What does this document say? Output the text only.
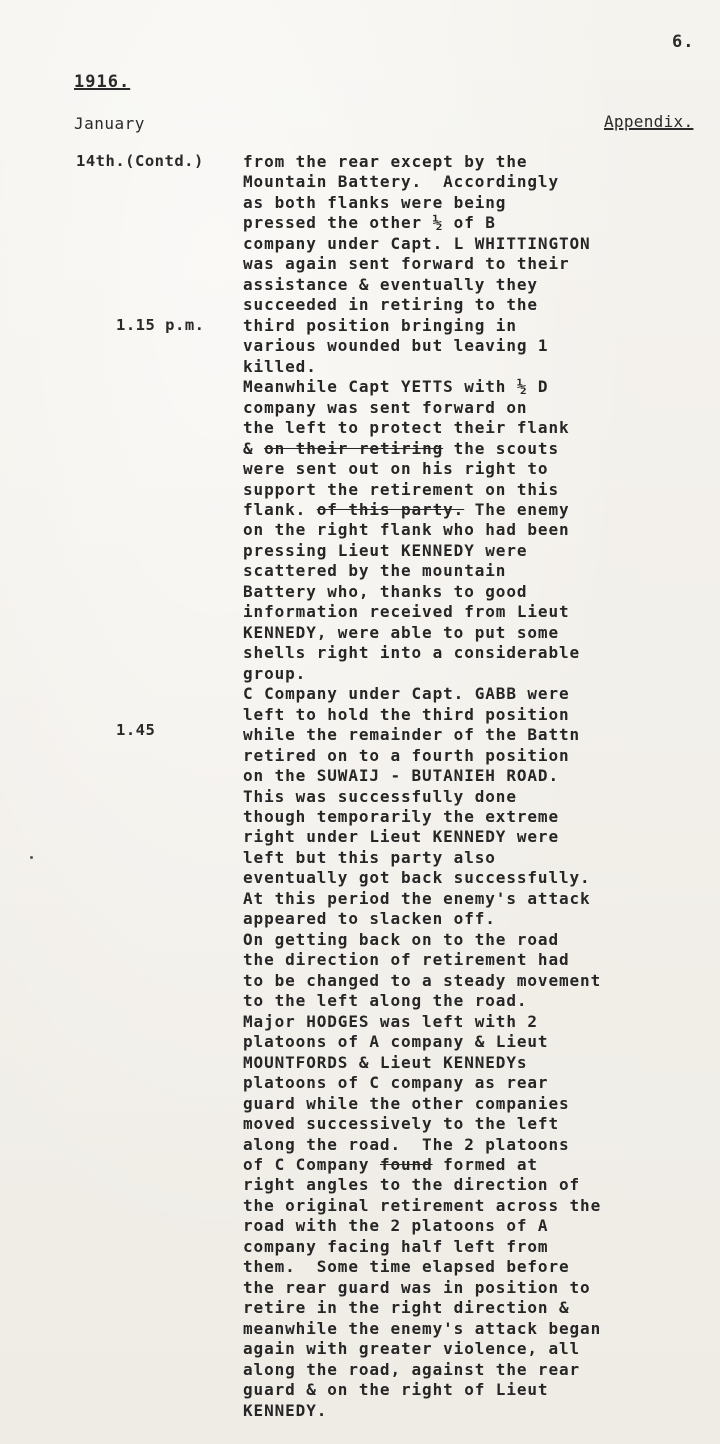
6.
1916.
January	Appendix.
14th.(Contd.)
1.15 p.m.
1.45
from the rear except by the
Mountain Battery.  Accordingly
as both flanks were being
pressed the other ½ of B
company under Capt. L WHITTINGTON
was again sent forward to their
assistance & eventually they
succeeded in retiring to the
third position bringing in
various wounded but leaving 1
killed.
Meanwhile Capt YETTS with ½ D
company was sent forward on
the left to protect their flank
& on their retiring the scouts
were sent out on his right to
support the retirement on this
flank. of this party. The enemy
on the right flank who had been
pressing Lieut KENNEDY were
scattered by the mountain
Battery who, thanks to good
information received from Lieut
KENNEDY, were able to put some
shells right into a considerable
group.
C Company under Capt. GABB were
left to hold the third position
while the remainder of the Battn
retired on to a fourth position
on the SUWAIJ - BUTANIEH ROAD.
This was successfully done
though temporarily the extreme
right under Lieut KENNEDY were
left but this party also
eventually got back successfully.
At this period the enemy's attack
appeared to slacken off.
On getting back on to the road
the direction of retirement had
to be changed to a steady movement
to the left along the road.
Major HODGES was left with 2
platoons of A company & Lieut
MOUNTFORDS & Lieut KENNEDYs
platoons of C company as rear
guard while the other companies
moved successively to the left
along the road.  The 2 platoons
of C Company found formed at
right angles to the direction of
the original retirement across the
road with the 2 platoons of A
company facing half left from
them.  Some time elapsed before
the rear guard was in position to
retire in the right direction &
meanwhile the enemy's attack began
again with greater violence, all
along the road, against the rear
guard & on the right of Lieut
KENNEDY.
